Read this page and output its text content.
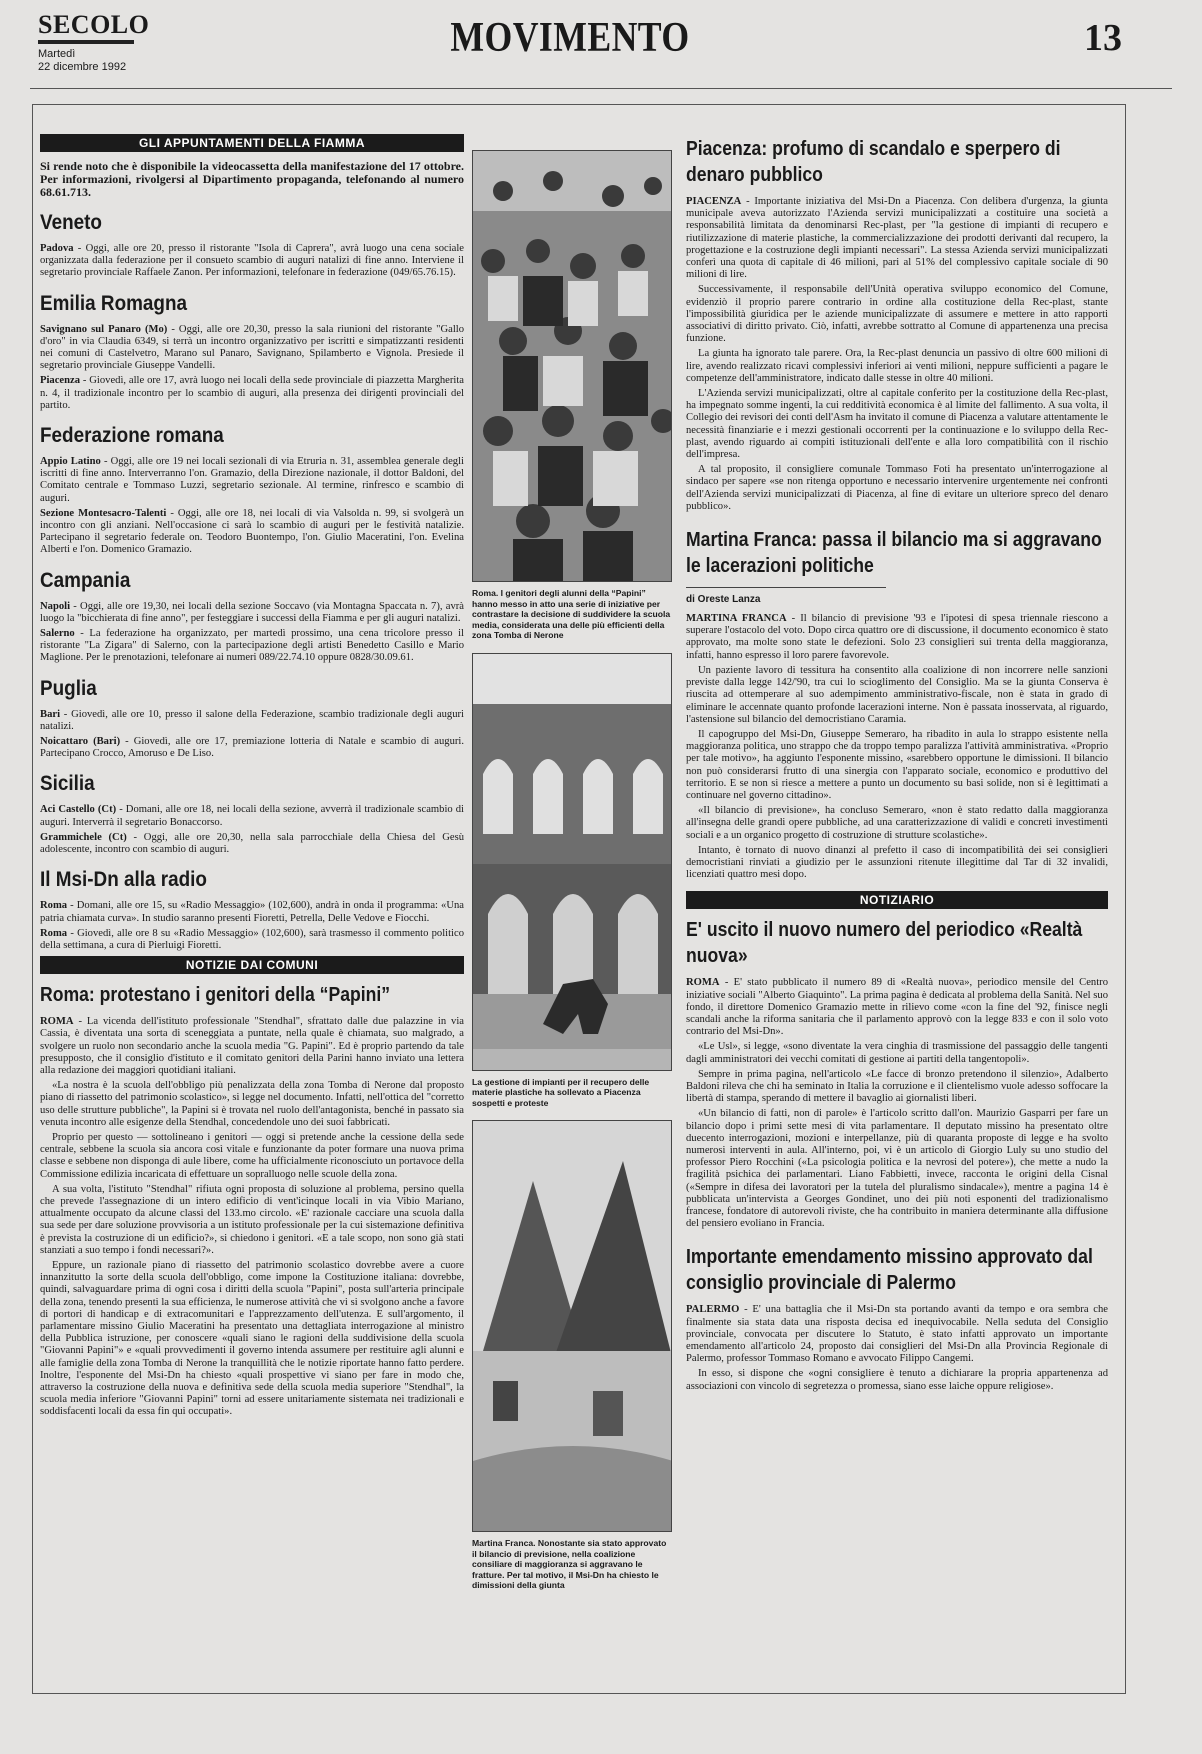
SECOLO
Martedì
22 dicembre 1992
MOVIMENTO	13
GLI APPUNTAMENTI DELLA FIAMMA

Si rende noto che è disponibile la videocassetta della manifestazione del 17 ottobre. Per informazioni, rivolgersi al Dipartimento propaganda, telefonando al numero 68.61.713.

Veneto

Padova - Oggi, alle ore 20, presso il ristorante "Isola di Caprera", avrà luogo una cena sociale organizzata dalla federazione per il consueto scambio di auguri natalizi di fine anno. Interviene il segretario provinciale Raffaele Zanon. Per informazioni, telefonare in federazione (049/65.76.15).

Emilia Romagna

Savignano sul Panaro (Mo) - Oggi, alle ore 20,30, presso la sala riunioni del ristorante "Gallo d'oro" in via Claudia 6349, si terrà un incontro organizzativo per iscritti e simpatizzanti residenti nei comuni di Castelvetro, Marano sul Panaro, Savignano, Spilamberto e Vignola. Presiede il segretario provinciale Giuseppe Vandelli.

Piacenza - Giovedì, alle ore 17, avrà luogo nei locali della sede provinciale di piazzetta Margherita n. 4, il tradizionale incontro per lo scambio di auguri, alla presenza dei dirigenti provinciali del partito.

Federazione romana

Appio Latino - Oggi, alle ore 19 nei locali sezionali di via Etruria n. 31, assemblea generale degli iscritti di fine anno. Interverranno l'on. Gramazio, della Direzione nazionale, il dottor Baldoni, del Comitato centrale e Tommaso Luzzi, segretario sezionale. Al termine, rinfresco e scambio di auguri.

Sezione Montesacro-Talenti - Oggi, alle ore 18, nei locali di via Valsolda n. 99, si svolgerà un incontro con gli anziani. Nell'occasione ci sarà lo scambio di auguri per le festività natalizie. Partecipano il segretario federale on. Teodoro Buontempo, l'on. Giulio Maceratini, l'on. Evelina Alberti e l'on. Domenico Gramazio.

Campania

Napoli - Oggi, alle ore 19,30, nei locali della sezione Soccavo (via Montagna Spaccata n. 7), avrà luogo la "bicchierata di fine anno", per festeggiare i successi della Fiamma e per gli auguri natalizi.

Salerno - La federazione ha organizzato, per martedì prossimo, una cena tricolore presso il ristorante "La Zigara" di Salerno, con la partecipazione degli artisti Benedetto Casillo e Mario Maglione. Per le prenotazioni, telefonare ai numeri 089/22.74.10 oppure 0828/30.09.61.

Puglia

Bari - Giovedì, alle ore 10, presso il salone della Federazione, scambio tradizionale degli auguri natalizi.

Noicattaro (Bari) - Giovedì, alle ore 17, premiazione lotteria di Natale e scambio di auguri. Partecipano Crocco, Amoruso e De Liso.

Sicilia

Aci Castello (Ct) - Domani, alle ore 18, nei locali della sezione, avverrà il tradizionale scambio di auguri. Interverrà il segretario Bonaccorso.

Grammichele (Ct) - Oggi, alle ore 20,30, nella sala parrocchiale della Chiesa del Gesù adolescente, incontro con scambio di auguri.

Il Msi-Dn alla radio

Roma - Domani, alle ore 15, su «Radio Messaggio» (102,600), andrà in onda il programma: «Una patria chiamata curva». In studio saranno presenti Fioretti, Petrella, Delle Vedove e Fiocchi.

Roma - Giovedì, alle ore 8 su «Radio Messaggio» (102,600), sarà trasmesso il commento politico della settimana, a cura di Pierluigi Fioretti.

NOTIZIE DAI COMUNI
Roma: protestano i genitori della “Papini”

ROMA - La vicenda dell'istituto professionale "Stendhal", sfrattato dalle due palazzine in via Cassia, è diventata una sorta di sceneggiata a puntate, nella quale è chiamata, suo malgrado, a svolgere un ruolo non secondario anche la scuola media "G. Papini". Ed è proprio partendo da tale presupposto, che il consiglio d'istituto e il comitato genitori della Parini hanno inviato una lettera alla redazione dei maggiori quotidiani italiani.

«La nostra è la scuola dell'obbligo più penalizzata della zona Tomba di Nerone dal proposto piano di riassetto del patrimonio scolastico», si legge nel documento. Infatti, nell'ottica del "corretto uso delle strutture pubbliche", la Papini si è trovata nel ruolo dell'antagonista, benché in passato sia venuta incontro alle esigenze della Stendhal, concedendole uno dei suoi fabbricati.

Proprio per questo — sottolineano i genitori — oggi si pretende anche la cessione della sede centrale, sebbene la scuola sia ancora così vitale e funzionante da poter formare una nuova prima classe e sebbene non disponga di aule libere, come ha ufficialmente riconosciuto un portavoce della Commissione edilizia incaricata di effettuare un sopralluogo nelle scuole della zona.

A sua volta, l'istituto "Stendhal" rifiuta ogni proposta di soluzione al problema, persino quella che prevede l'assegnazione di un intero edificio di vent'icinque locali in via Vibio Mariano, attualmente occupato da alcune classi del 133.mo circolo. «E' razionale cacciare una scuola dalla sua sede per dare soluzione provvisoria a un istituto professionale per la cui sistemazione definitiva è prevista la costruzione di un edificio?», si chiedono i genitori. «E a tale scopo, non sono già stati stanziati a suo tempo i fondi necessari?».

Eppure, un razionale piano di riassetto del patrimonio scolastico dovrebbe avere a cuore innanzitutto la sorte della scuola dell'obbligo, come impone la Costituzione italiana: dovrebbe, quindi, salvaguardare prima di ogni cosa i diritti della scuola "Papini", posta sull'arteria principale della zona, tenendo presenti la sua efficienza, le numerose attività che vi si svolgono anche a favore di portori di handicap e di extracomunitari e l'apprezzamento dell'utenza. E sull'argomento, il parlamentare missino Giulio Maceratini ha presentato una dettagliata interrogazione al ministro della Pubblica istruzione, per conoscere «quali siano le ragioni della suddivisione della scuola "Giovanni Papini"» e «quali provvedimenti il governo intenda assumere per restituire agli alunni e alle famiglie della zona Tomba di Nerone la tranquillità che le notizie riportate hanno fatto perdere. Inoltre, l'esponente del Msi-Dn ha chiesto «quali prospettive vi siano per fare in modo che, attraverso la costruzione della nuova e definitiva sede della scuola media superiore "Stendhal", la scuola media inferiore "Giovanni Papini" torni ad essere unitariamente sistemata nei tradizionali e soddisfacenti locali da essa fin qui occupati».

Roma. I genitori degli alunni della “Papini” hanno messo in atto una serie di iniziative per contrastare la decisione di suddividere la scuola media, considerata una delle più efficienti della zona Tomba di Nerone
La gestione di impianti per il recupero delle materie plastiche ha sollevato a Piacenza sospetti e proteste
Martina Franca. Nonostante sia stato approvato il bilancio di previsione, nella coalizione consiliare di maggioranza si aggravano le fratture. Per tal motivo, il Msi-Dn ha chiesto le dimissioni della giunta
Piacenza: profumo di scandalo e sperpero di denaro pubblico

PIACENZA - Importante iniziativa del Msi-Dn a Piacenza. Con delibera d'urgenza, la giunta municipale aveva autorizzato l'Azienda servizi municipalizzati a costituire una società a responsabilità limitata da denominarsi Rec-plast, per "la gestione di impianti di recupero e riutilizzazione di materie plastiche, la commercializzazione dei prodotti derivanti dal recupero, la progettazione e la costruzione degli impianti necessari". La stessa Azienda servizi municipalizzati conferì una quota di capitale di 46 milioni, pari al 51% del complessivo capitale sociale di 90 milioni di lire.

Successivamente, il responsabile dell'Unità operativa sviluppo economico del Comune, evidenziò il proprio parere contrario in ordine alla costituzione della Rec-plast, stante l'impossibilità giuridica per le aziende municipalizzate di assumere e mettere in atto rapporti associativi di diritto privato. Ciò, infatti, avrebbe sottratto al Comune di appartenenza una precisa funzione.

La giunta ha ignorato tale parere. Ora, la Rec-plast denuncia un passivo di oltre 600 milioni di lire, avendo realizzato ricavi complessivi inferiori ai venti milioni, neppure sufficienti a pagare le competenze dell'amministratore, indicato dalle stesse in oltre 40 milioni.

L'Azienda servizi municipalizzati, oltre al capitale conferito per la costituzione della Rec-plast, ha impegnato somme ingenti, la cui redditività economica è al limite del fallimento. A sua volta, il Collegio dei revisori dei conti dell'Asm ha invitato il comune di Piacenza a valutare attentamente le necessità finanziarie e i mezzi gestionali occorrenti per la continuazione e lo sviluppo della Rec-plast, avendo riguardo ai compiti istituzionali dell'ente e alla loro compatibilità con il rischio dell'impresa.

A tal proposito, il consigliere comunale Tommaso Foti ha presentato un'interrogazione al sindaco per sapere «se non ritenga opportuno e necessario intervenire urgentemente nei confronti dell'Azienda servizi municipalizzati di Piacenza, al fine di evitare un ulteriore spreco del denaro pubblico».

Martina Franca: passa il bilancio ma si aggravano le lacerazioni politiche
di Oreste Lanza

MARTINA FRANCA - Il bilancio di previsione '93 e l'ipotesi di spesa triennale riescono a superare l'ostacolo del voto. Dopo circa quattro ore di discussione, il documento economico è stato approvato, ma molte sono state le defezioni. Solo 23 consiglieri sui trenta della maggioranza, infatti, hanno espresso il loro parere favorevole.

Un paziente lavoro di tessitura ha consentito alla coalizione di non incorrere nelle sanzioni previste dalla legge 142/'90, tra cui lo scioglimento del Consiglio. Ma se la giunta Conserva è riuscita ad ottemperare al suo adempimento amministrativo-fiscale, non è stata in grado di eliminare le accennate quanto profonde lacerazioni interne. Non è passata inosservata, al riguardo, l'astensione sul bilancio del democristiano Caramia.

Il capogruppo del Msi-Dn, Giuseppe Semeraro, ha ribadito in aula lo strappo esistente nella maggioranza politica, uno strappo che da troppo tempo paralizza l'attività amministrativa. «Proprio per tale motivo», ha aggiunto l'esponente missino, «sarebbero opportune le dimissioni. Il bilancio non può considerarsi frutto di una sinergia con l'apparato sociale, economico e produttivo del territorio. E se non si riesce a mettere a punto un documento su basi solide, non si è legittimati a continuare nel governo cittadino».

«Il bilancio di previsione», ha concluso Semeraro, «non è stato redatto dalla maggioranza all'insegna delle grandi opere pubbliche, ad una caratterizzazione di validi e concreti investimenti sociali e a un organico progetto di costruzione di strutture scolastiche».

Intanto, è tornato di nuovo dinanzi al prefetto il caso di incompatibilità dei sei consiglieri democristiani rinviati a giudizio per le assunzioni ritenute illegittime dal Tar di 32 invalidi, licenziati quattro mesi dopo.

NOTIZIARIO
E' uscito il nuovo numero del periodico «Realtà nuova»

ROMA - E' stato pubblicato il numero 89 di «Realtà nuova», periodico mensile del Centro iniziative sociali "Alberto Giaquinto". La prima pagina è dedicata al problema della Sanità. Nel suo fondo, il direttore Domenico Gramazio mette in rilievo come «con la fine del '92, finisce negli scandali anche la riforma sanitaria che il parlamento approvò con la legge 833 e con il solo voto contrario del Msi-Dn».

«Le Usl», si legge, «sono diventate la vera cinghia di trasmissione del passaggio delle tangenti dagli amministratori dei vecchi comitati di gestione ai partiti della tangentopoli».

Sempre in prima pagina, nell'articolo «Le facce di bronzo pretendono il silenzio», Adalberto Baldoni rileva che chi ha seminato in Italia la corruzione e il clientelismo vuole adesso soffocare la libertà di stampa, sperando di mettere il bavaglio ai giornalisti liberi.

«Un bilancio di fatti, non di parole» è l'articolo scritto dall'on. Maurizio Gasparri per fare un bilancio dopo i primi sette mesi di vita parlamentare. Il deputato missino ha presentato oltre duecento interrogazioni, mozioni e interpellanze, più di quaranta proposte di legge e ha svolto numerosi interventi in aula. All'interno, poi, vi è un articolo di Giorgio Luly su uno studio del professor Piero Rocchini («La psicologia politica e la nevrosi del potere»), che mette a nudo la fragilità psichica dei parlamentari. Liano Fabbietti, invece, racconta le origini della Cisnal («Sempre in difesa dei lavoratori per la tutela del pluralismo sindacale»), mentre a pagina 14 è pubblicata un'intervista a Georges Gondinet, uno dei più noti esponenti del tradizionalismo francese, fondatore di autorevoli riviste, che ha contribuito in maniera determinante alla diffusione del pensiero evoliano in Francia.

Importante emendamento missino approvato dal consiglio provinciale di Palermo

PALERMO - E' una battaglia che il Msi-Dn sta portando avanti da tempo e ora sembra che finalmente sia stata data una risposta decisa ed inequivocabile. Nella seduta del Consiglio provinciale, convocata per discutere lo Statuto, è stato infatti approvato un importante emendamento all'articolo 24, proposto dai consiglieri del Msi-Dn alla Provincia Regionale di Palermo, professor Tommaso Romano e avvocato Filippo Cangemi.

In esso, si dispone che «ogni consigliere è tenuto a dichiarare la propria appartenenza ad associazioni con vincolo di segretezza o promessa, siano esse laiche oppure religiose».
